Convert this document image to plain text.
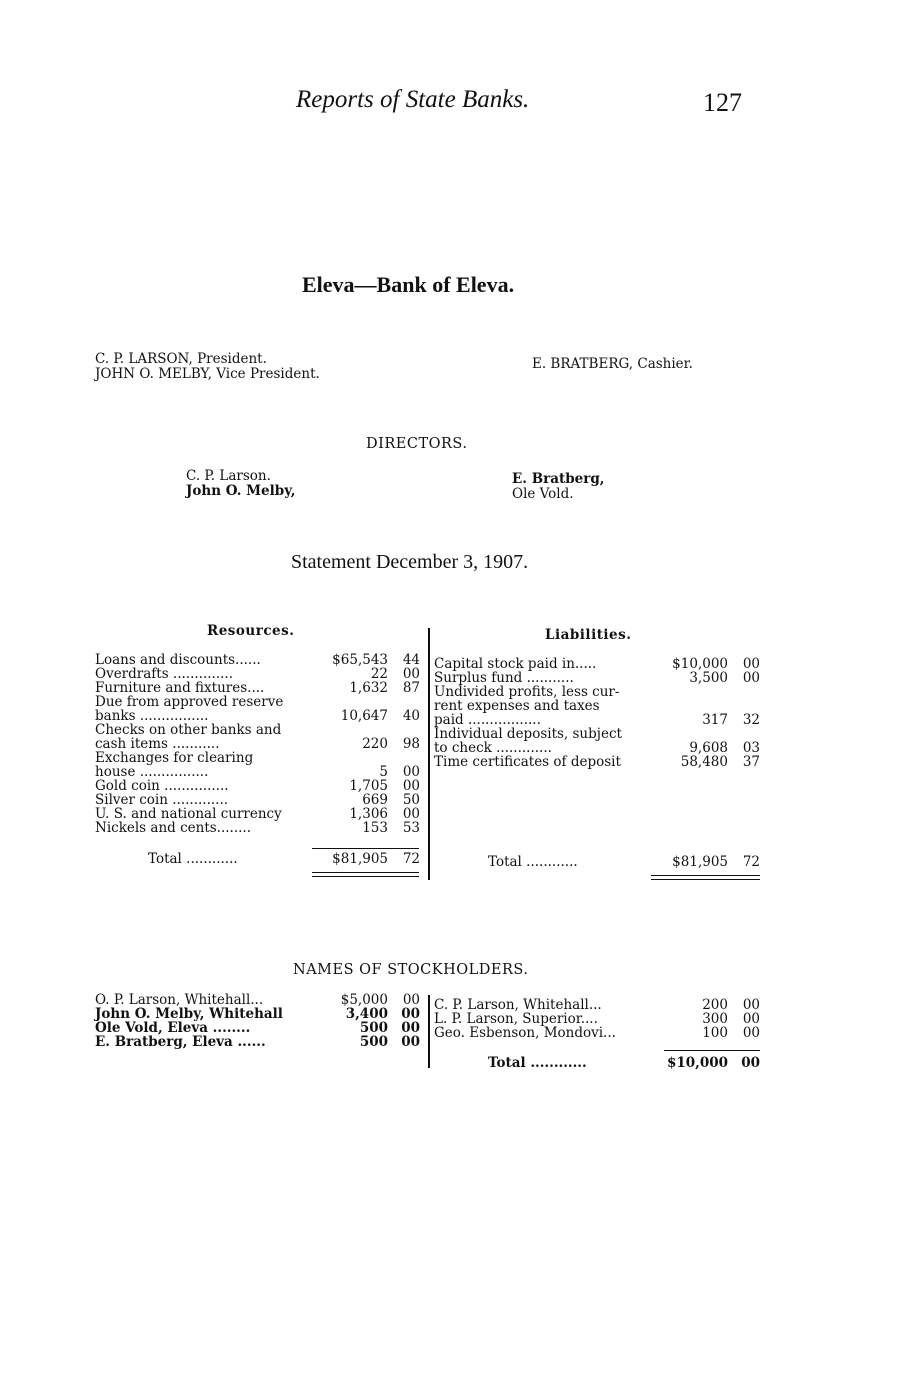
Reports of State Banks.	127
Eleva—Bank of Eleva.
C. P. LARSON, President.
JOHN O. MELBY, Vice President.
E. BRATBERG, Cashier.
DIRECTORS.
C. P. Larson.
John O. Melby,
E. Bratberg,
Ole Vold.
Statement December 3, 1907.
Resources.
Loans and discounts......	$65,543 44
Overdrafts ..............	22 00
Furniture and fixtures....	1,632 87
Due from approved reserve
banks ................	10,647 40
Checks on other banks and
cash items ...........	220 98
Exchanges for clearing
house ................	5 00
Gold coin ...............	1,705 00
Silver coin .............	669 50
U. S. and national currency	1,306 00
Nickels and cents........	153 53
Total ............	$81,905 72
Liabilities.
Capital stock paid in.....	$10,000 00
Surplus fund ...........	3,500 00
Undivided profits, less cur-
rent expenses and taxes
paid .................	317 32
Individual deposits, subject
to check .............	9,608 03
Time certificates of deposit	58,480 37
Total ............	$81,905 72
NAMES OF STOCKHOLDERS.
O. P. Larson, Whitehall...	$5,000 00
John O. Melby, Whitehall	3,400 00
Ole Vold, Eleva ........	500 00
E. Bratberg, Eleva ......	500 00
C. P. Larson, Whitehall...	200 00
L. P. Larson, Superior....	300 00
Geo. Esbenson, Mondovi...	100 00
Total ............	$10,000 00
